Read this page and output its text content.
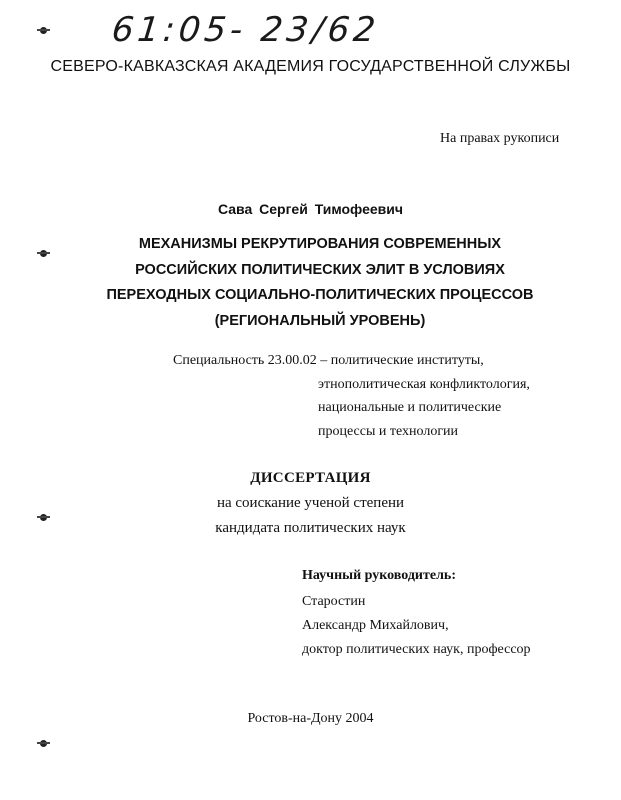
61:05- 23/62
СЕВЕРО-КАВКАЗСКАЯ АКАДЕМИЯ ГОСУДАРСТВЕННОЙ СЛУЖБЫ
На правах рукописи
Сава Сергей Тимофеевич
МЕХАНИЗМЫ РЕКРУТИРОВАНИЯ СОВРЕМЕННЫХ
РОССИЙСКИХ ПОЛИТИЧЕСКИХ ЭЛИТ В УСЛОВИЯХ
ПЕРЕХОДНЫХ СОЦИАЛЬНО-ПОЛИТИЧЕСКИХ ПРОЦЕССОВ
(РЕГИОНАЛЬНЫЙ УРОВЕНЬ)
Специальность 23.00.02 – политические институты,
этнополитическая конфликтология,
национальные и политические
процессы и технологии
ДИССЕРТАЦИЯ
на соискание ученой степени
кандидата политических наук
Научный руководитель:
Старостин
Александр Михайлович,
доктор политических наук, профессор
Ростов-на-Дону 2004
